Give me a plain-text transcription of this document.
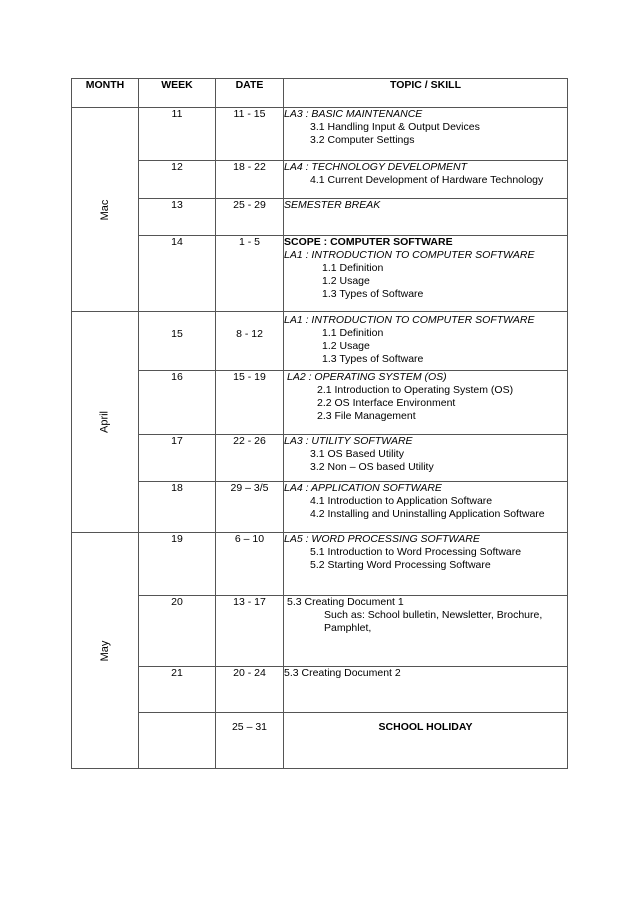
MONTH	WEEK	DATE	TOPIC / SKILL

Mac	11	11 - 15	LA3 : BASIC MAINTENANCE
3.1 Handling Input & Output Devices
3.2 Computer Settings

	12	18 - 22	LA4 : TECHNOLOGY DEVELOPMENT
4.1 Current Development of Hardware Technology

	13	25 - 29	SEMESTER BREAK

	14	1 - 5	SCOPE : COMPUTER SOFTWARE
LA1 : INTRODUCTION TO COMPUTER SOFTWARE
1.1 Definition
1.2 Usage
1.3 Types of Software

April	15	8 - 12	LA1 : INTRODUCTION TO COMPUTER SOFTWARE
1.1 Definition
1.2 Usage
1.3 Types of Software

	16	15 - 19	LA2 : OPERATING SYSTEM (OS)
2.1 Introduction to Operating System (OS)
2.2 OS Interface Environment
2.3 File Management

	17	22 - 26	LA3 : UTILITY SOFTWARE
3.1 OS Based Utility
3.2 Non – OS based Utility

	18	29 – 3/5	LA4 : APPLICATION SOFTWARE
4.1 Introduction to Application Software
4.2 Installing and Uninstalling Application Software

May	19	6 – 10	LA5 : WORD PROCESSING SOFTWARE
5.1 Introduction to Word Processing Software
5.2 Starting Word Processing Software

	20	13 - 17	5.3 Creating Document 1
Such as: School bulletin, Newsletter, Brochure,
Pamphlet,

	21	20 - 24	5.3 Creating Document 2

		25 – 31	SCHOOL HOLIDAY
